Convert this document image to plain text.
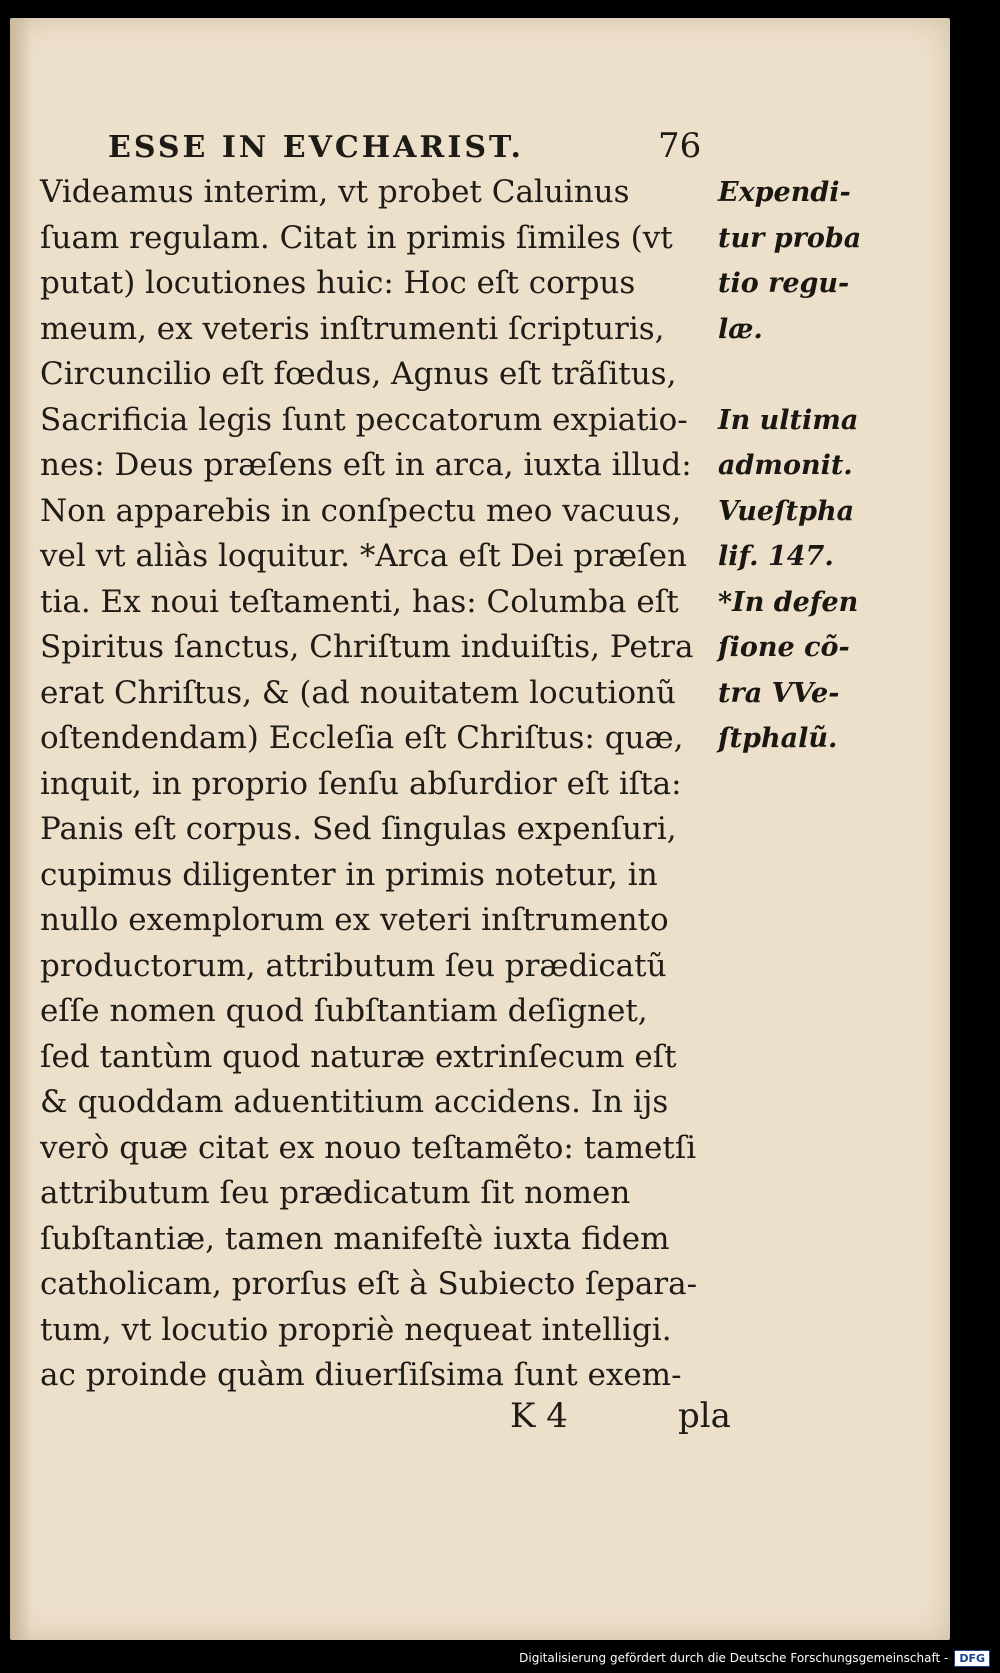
ESSE IN EVCHARIST.	76
Videamus interim, vt probet Caluinus
ſuam regulam. Citat in primis ſimiles (vt
putat) locutiones huic: Hoc eſt corpus
meum, ex veteris inſtrumenti ſcripturis,
Circuncilio eſt fœdus, Agnus eſt trãſitus,
Sacrificia legis ſunt peccatorum expiatio-
nes: Deus præſens eſt in arca, iuxta illud:
Non apparebis in conſpectu meo vacuus,
vel vt aliàs loquitur. *Arca eſt Dei præſen
tia. Ex noui teſtamenti, has: Columba eſt
Spiritus ſanctus, Chriſtum induiſtis, Petra
erat Chriſtus, & (ad nouitatem locutionũ
oſtendendam) Eccleſia eſt Chriſtus: quæ,
inquit, in proprio ſenſu abſurdior eſt iſta:
Panis eſt corpus. Sed ſingulas expenſuri,
cupimus diligenter in primis notetur, in
nullo exemplorum ex veteri inſtrumento
productorum, attributum ſeu prædicatũ
eſſe nomen quod ſubſtantiam deſignet,
ſed tantùm quod naturæ extrinſecum eſt
& quoddam aduentitium accidens. In ijs
verò quæ citat ex nouo teſtamẽto: tametſi
attributum ſeu prædicatum ſit nomen
ſubſtantiæ, tamen manifeſtè iuxta fidem
catholicam, prorſus eſt à Subiecto ſepara-
tum, vt locutio propriè nequeat intelligi.
ac proinde quàm diuerſiſsima ſunt exem-
Expendi-
tur proba
tio regu-
læ.
In ultima
admonit.
Vueſtpha
lif. 147.
*In defen
ſione cõ-
tra VVe-
ſtphalũ.
K 4	pla
Digitalisierung gefördert durch die Deutsche Forschungsgemeinschaft -	DFG
